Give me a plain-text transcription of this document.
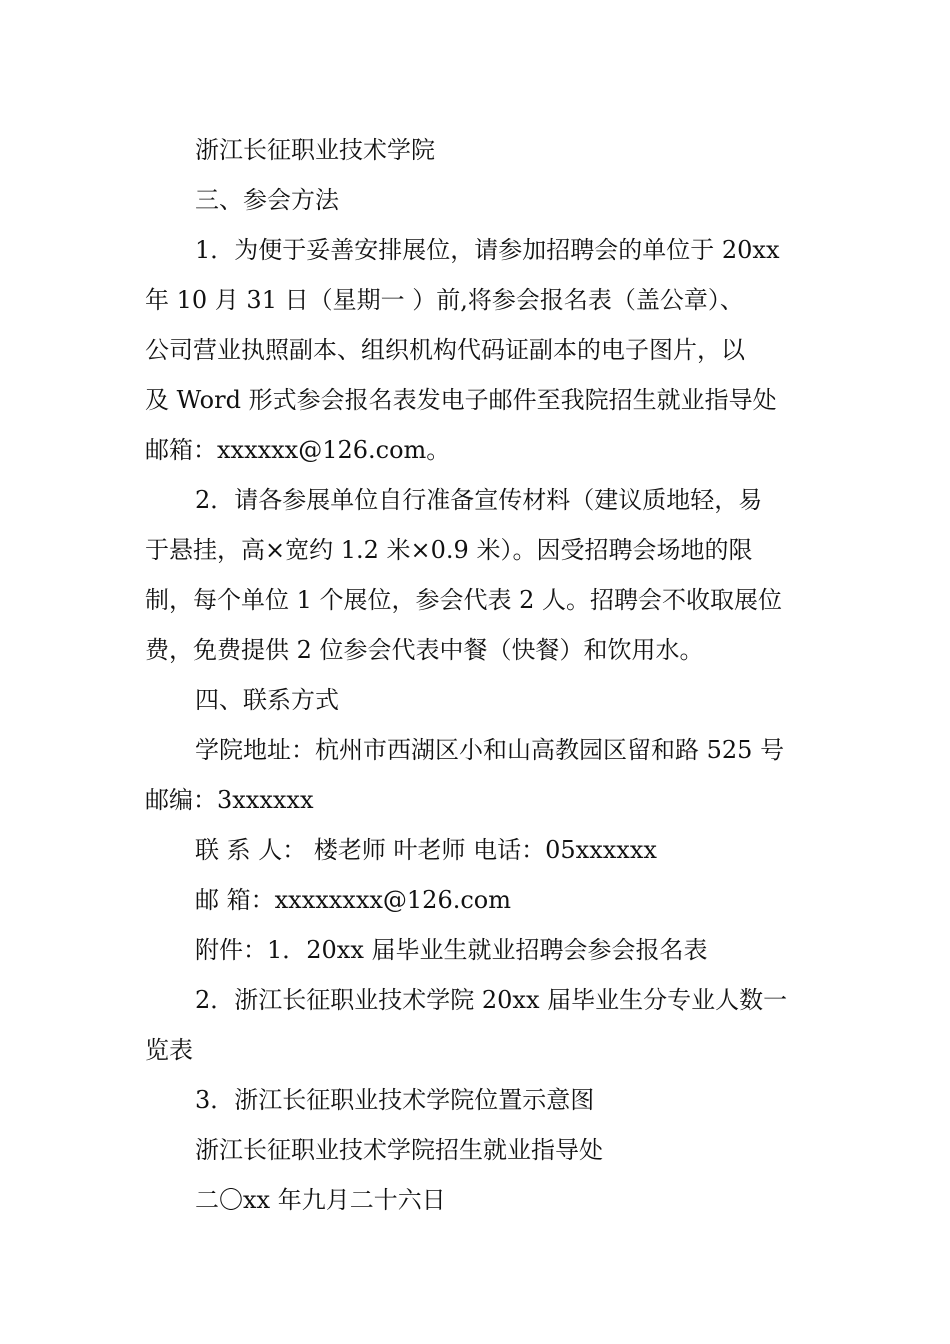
浙江长征职业技术学院
三、参会方法
1．为便于妥善安排展位，请参加招聘会的单位于 20xx
年 10 月 31 日（星期一 ）前,将参会报名表（盖公章）、
公司营业执照副本、组织机构代码证副本的电子图片，以
及 Word 形式参会报名表发电子邮件至我院招生就业指导处
邮箱：xxxxxx@126.com。
2．请各参展单位自行准备宣传材料（建议质地轻，易
于悬挂，高×宽约 1.2 米×0.9 米）。因受招聘会场地的限
制，每个单位 1 个展位，参会代表 2 人。招聘会不收取展位
费，免费提供 2 位参会代表中餐（快餐）和饮用水。
四、联系方式
学院地址：杭州市西湖区小和山高教园区留和路 525 号
邮编：3xxxxxx
联 系 人： 楼老师 叶老师 电话：05xxxxxx
邮 箱：xxxxxxxx@126.com
附件：1．20xx 届毕业生就业招聘会参会报名表
2．浙江长征职业技术学院 20xx 届毕业生分专业人数一
览表
3．浙江长征职业技术学院位置示意图
浙江长征职业技术学院招生就业指导处
二〇xx 年九月二十六日
